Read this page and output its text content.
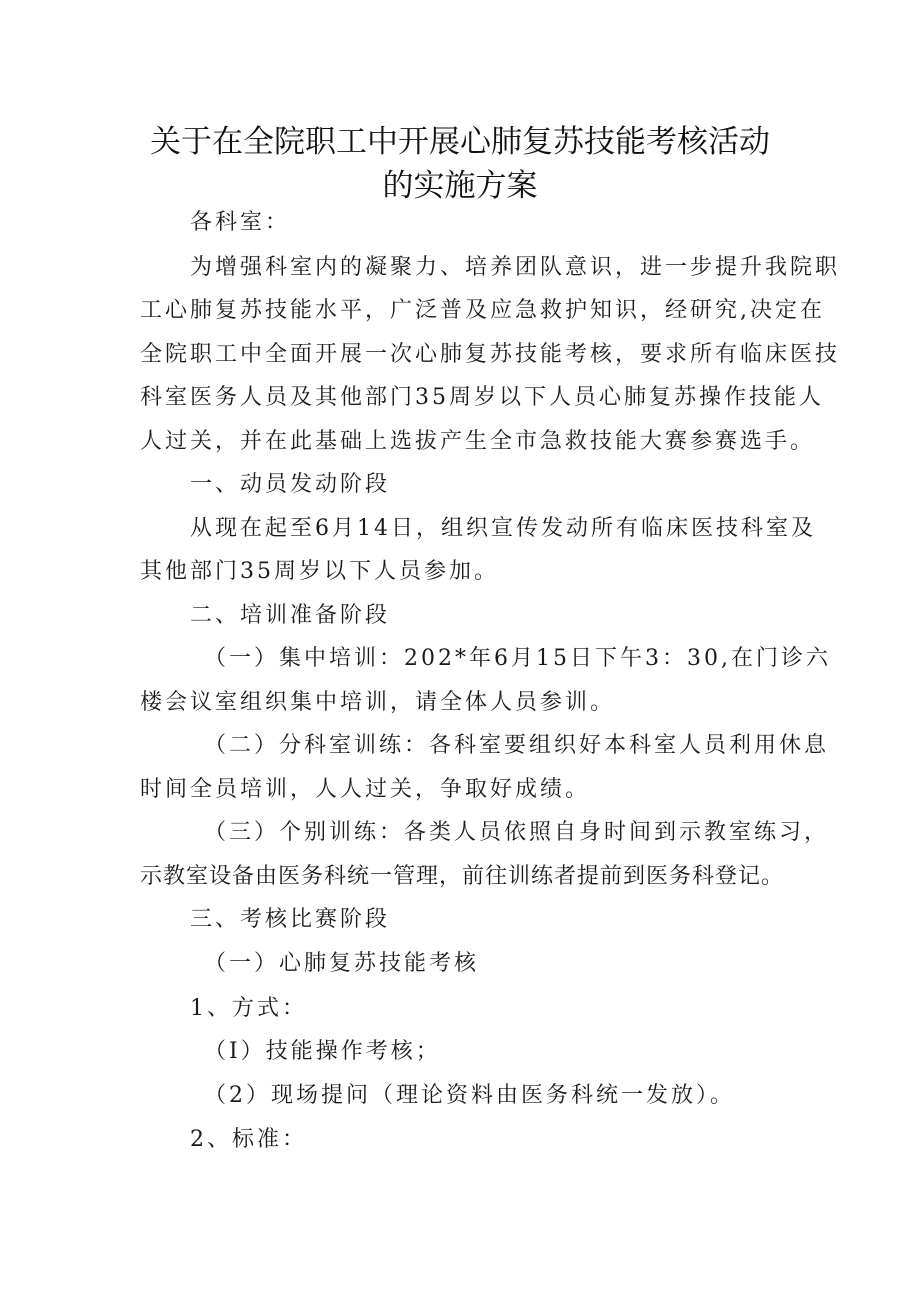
关于在全院职工中开展心肺复苏技能考核活动
的实施方案

各科室：

为增强科室内的凝聚力、培养团队意识，进一步提升我院职

工心肺复苏技能水平，广泛普及应急救护知识，经研究,决定在

全院职工中全面开展一次心肺复苏技能考核，要求所有临床医技

科室医务人员及其他部门35周岁以下人员心肺复苏操作技能人

人过关，并在此基础上选拔产生全市急救技能大赛参赛选手。

一、动员发动阶段

从现在起至6月14日，组织宣传发动所有临床医技科室及

其他部门35周岁以下人员参加。

二、培训准备阶段

（一）集中培训：202*年6月15日下午3：30,在门诊六

楼会议室组织集中培训，请全体人员参训。

（二）分科室训练：各科室要组织好本科室人员利用休息

时间全员培训，人人过关，争取好成绩。

（三）个别训练：各类人员依照自身时间到示教室练习，

示教室设备由医务科统一管理，前往训练者提前到医务科登记。

三、考核比赛阶段

（一）心肺复苏技能考核

1、方式：

（I）技能操作考核；

（2）现场提问（理论资料由医务科统一发放）。

2、标准：
